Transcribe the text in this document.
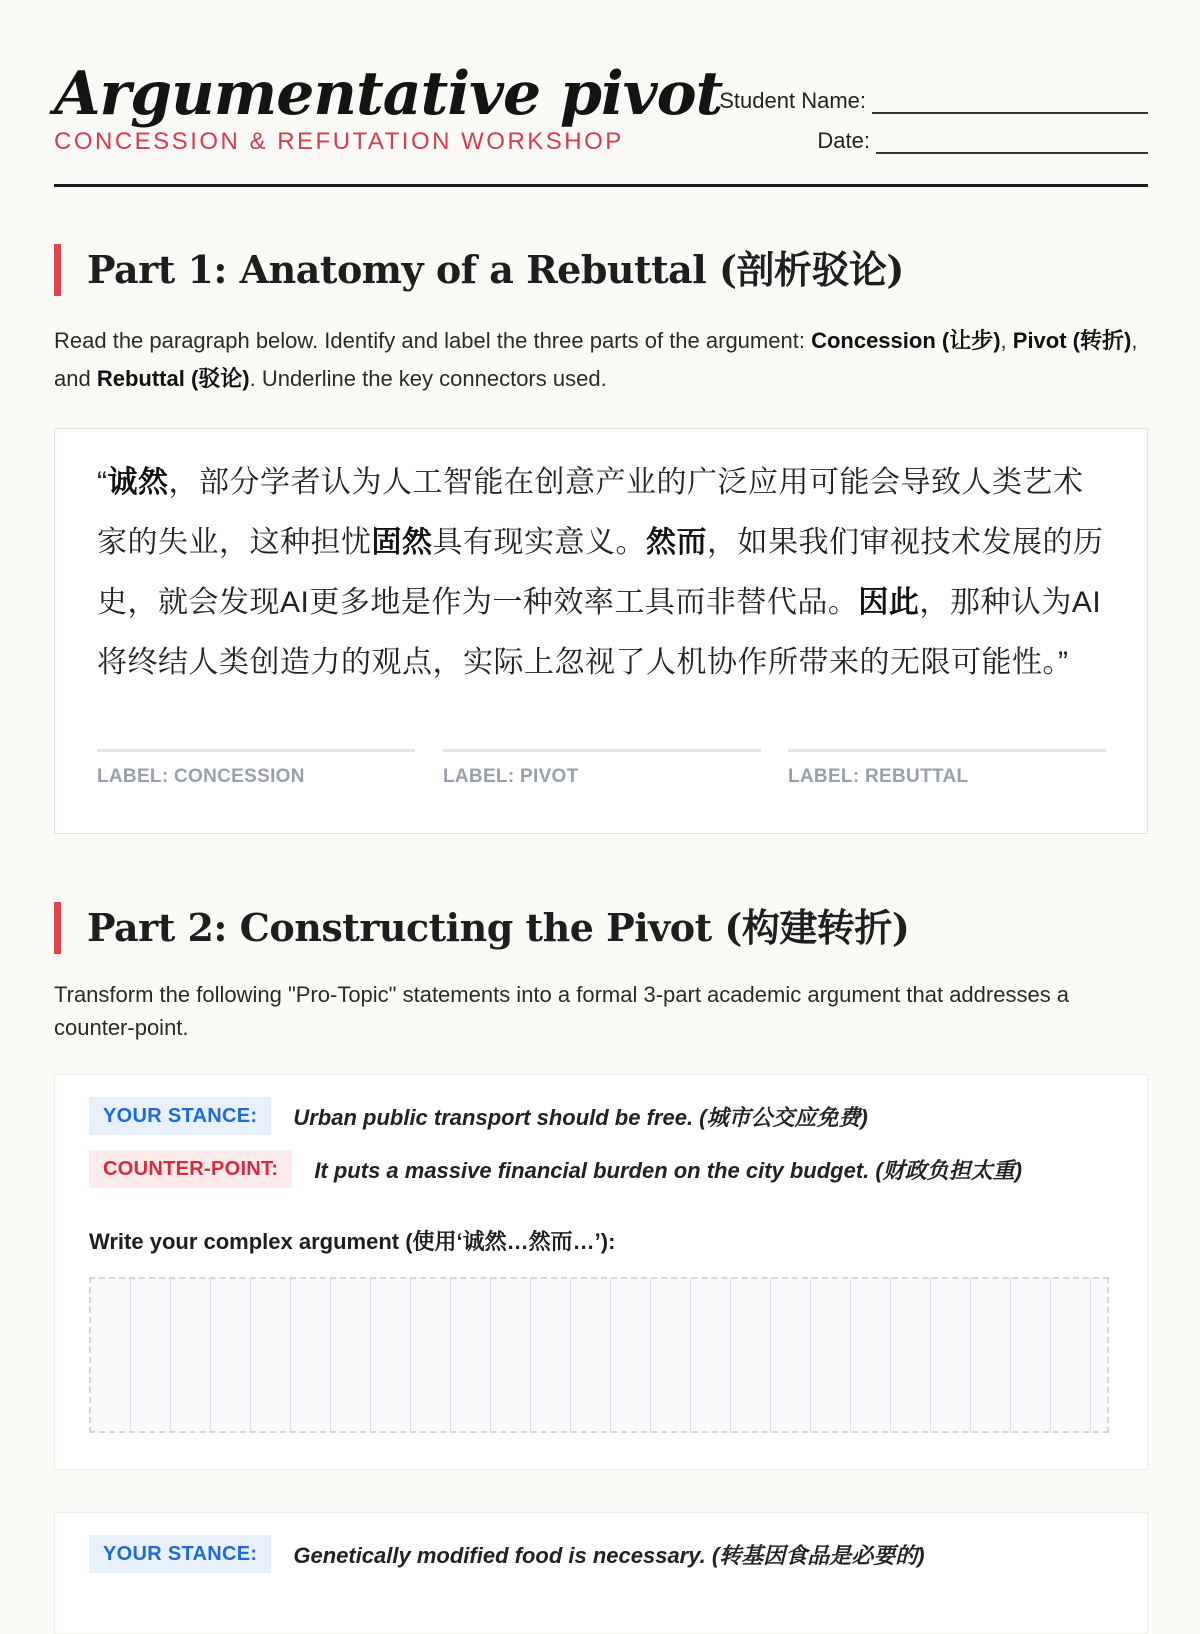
Argumentative pivot
CONCESSION & REFUTATION WORKSHOP
Student Name:
Date:
Part 1: Anatomy of a Rebuttal (剖析驳论)
Read the paragraph below. Identify and label the three parts of the argument: Concession (让步), Pivot (转折), and Rebuttal (驳论). Underline the key connectors used.
“诚然，部分学者认为人工智能在创意产业的广泛应用可能会导致人类艺术家的失业，这种担忧固然具有现实意义。然而，如果我们审视技术发展的历史，就会发现AI更多地是作为一种效率工具而非替代品。因此，那种认为AI将终结人类创造力的观点，实际上忽视了人机协作所带来的无限可能性。”
LABEL: CONCESSION	LABEL: PIVOT	LABEL: REBUTTAL
Part 2: Constructing the Pivot (构建转折)
Transform the following "Pro-Topic" statements into a formal 3-part academic argument that addresses a counter-point.
YOUR STANCE:	Urban public transport should be free. (城市公交应免费)
COUNTER-POINT:	It puts a massive financial burden on the city budget. (财政负担太重)
Write your complex argument (使用‘诚然…然而…’):
YOUR STANCE:	Genetically modified food is necessary. (转基因食品是必要的)
